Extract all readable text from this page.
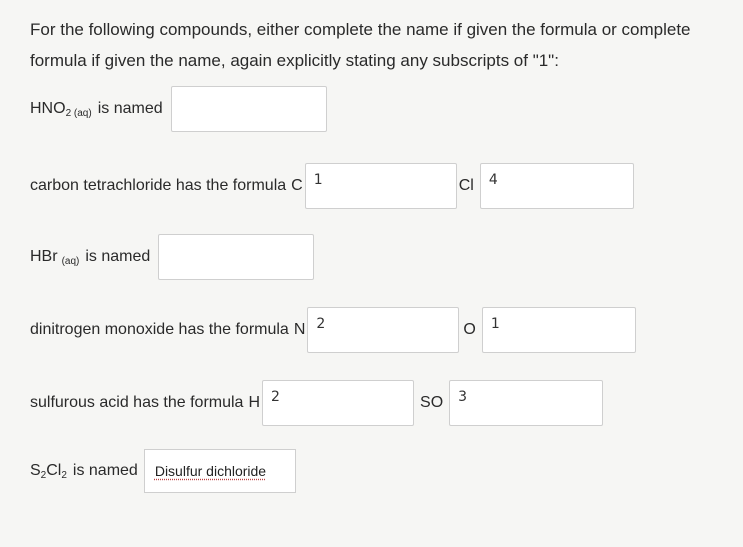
For the following compounds, either complete the name if given the formula or complete
formula if given the name, again explicitly stating any subscripts of "1":
$HNO_{2 (aq)}$ is named
carbon tetrachloride has the formula C 1	Cl 4
HBr $_{(aq)}$ is named
dinitrogen monoxide has the formula N 2	O 1
sulfurous acid has the formula H 2	SO 3
$S_2Cl_2$ is named Disulfur dichloride
